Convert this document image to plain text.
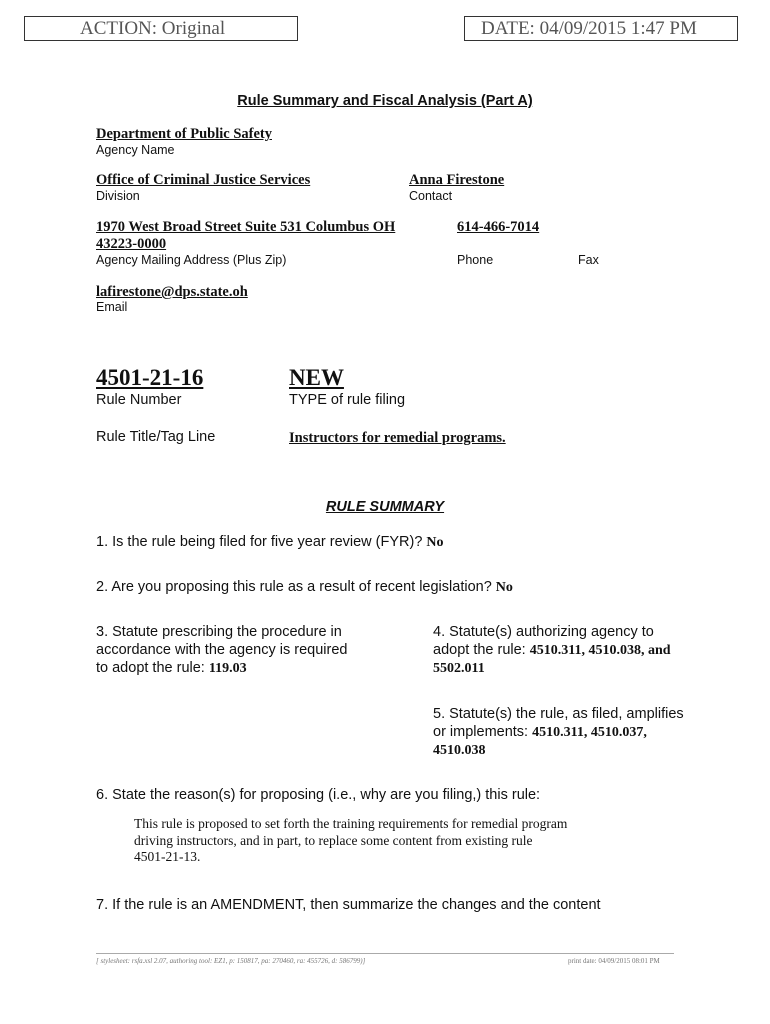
ACTION: Original	DATE: 04/09/2015 1:47 PM
Rule Summary and Fiscal Analysis (Part A)
Department of Public Safety
Agency Name
Office of Criminal Justice Services
Division
Anna Firestone
Contact
1970 West Broad Street Suite 531 Columbus OH
43223-0000
Agency Mailing Address (Plus Zip)
614-466-7014
Phone	Fax
lafirestone@dps.state.oh
Email
4501-21-16
Rule Number
NEW
TYPE of rule filing
Rule Title/Tag Line	Instructors for remedial programs.
RULE SUMMARY
1. Is the rule being filed for five year review (FYR)? No
2. Are you proposing this rule as a result of recent legislation? No
3. Statute prescribing the procedure in
accordance with the agency is required
to adopt the rule: 119.03
4. Statute(s) authorizing agency to
adopt the rule: 4510.311, 4510.038, and
5502.011
5. Statute(s) the rule, as filed, amplifies
or implements: 4510.311, 4510.037,
4510.038
6. State the reason(s) for proposing (i.e., why are you filing,) this rule:
This rule is proposed to set forth the training requirements for remedial program
driving instructors, and in part, to replace some content from existing rule
4501-21-13.
7. If the rule is an AMENDMENT, then summarize the changes and the content
[ stylesheet: rsfa.xsl 2.07, authoring tool: EZ1, p: 150817, pa: 270460, ra: 455726, d: 586799)]	print date: 04/09/2015 08:01 PM
